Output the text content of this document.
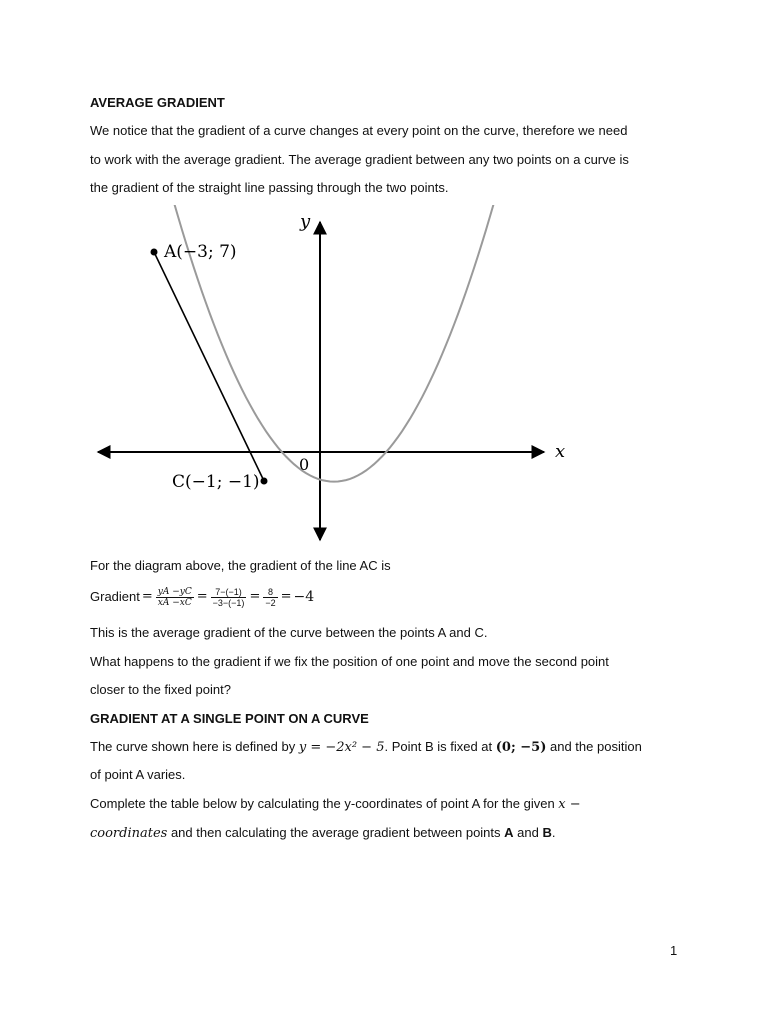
AVERAGE GRADIENT

We notice that the gradient of a curve changes at every point on the curve, therefore we need

to work with the average gradient. The average gradient between any two points on a curve is

the gradient of the straight line passing through the two points.

y
x
0
A(−3; 7)
C(−1; −1)

For the diagram above, the gradient of the line AC is

Gradient = $\frac{yA -yC}{xA -xC} = \frac{7-(-1)}{-3-(-1)} = \frac{8}{-2} = -4$

This is the average gradient of the curve between the points A and C.

What happens to the gradient if we fix the position of one point and move the second point

closer to the fixed point?

GRADIENT AT A SINGLE POINT ON A CURVE

The curve shown here is defined by y = −2x² − 5. Point B is fixed at (0; −5) and the position

of point A varies.

Complete the table below by calculating the y-coordinates of point A for the given x −

coordinates and then calculating the average gradient between points A and B.

1
